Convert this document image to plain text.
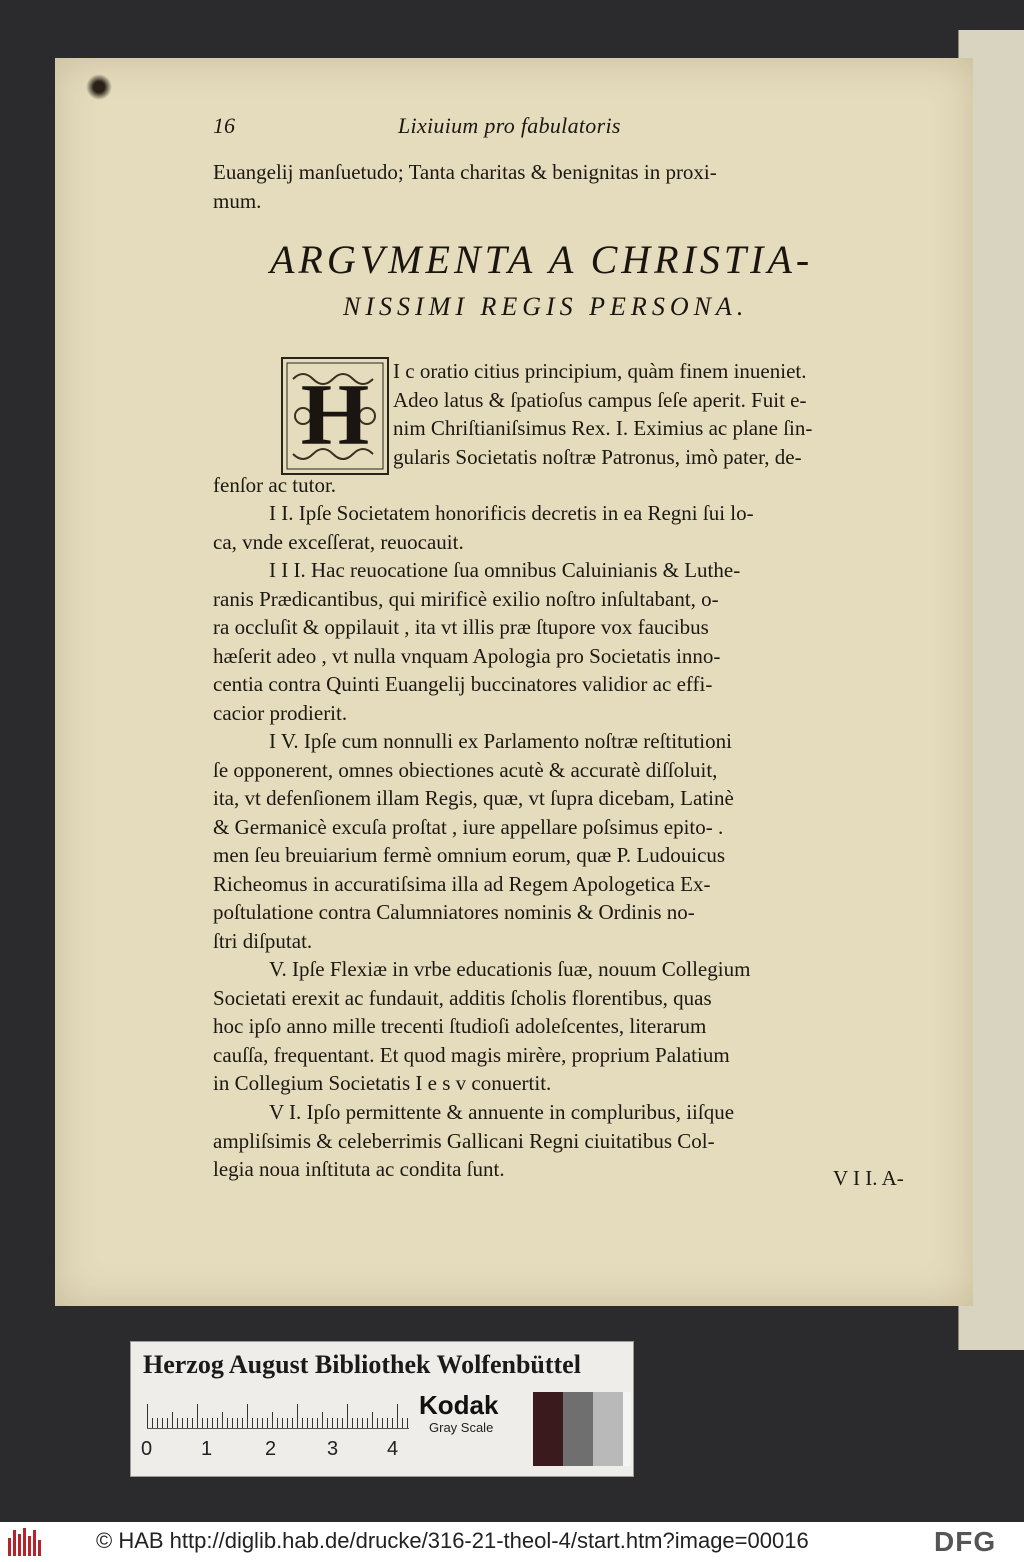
16	Lixiuium pro fabulatoris
Euangelij manſuetudo; Tanta charitas & benignitas in proxi-
mum.
ARGVMENTA A CHRISTIA-
NISSIMI REGIS PERSONA.
H	I c oratio citius principium, quàm finem inueniet.
Adeo latus & ſpatioſus campus ſeſe aperit. Fuit e-
nim Chriſtianiſsimus Rex. I. Eximius ac plane ſin-
gularis Societatis noſtræ Patronus, imò pater, de-
fenſor ac tutor.
I I. Ipſe Societatem honorificis decretis in ea Regni ſui lo-
ca, vnde exceſſerat, reuocauit.
I I I. Hac reuocatione ſua omnibus Caluinianis & Luthe-
ranis Prædicantibus, qui mirificè exilio noſtro inſultabant, o-
ra occluſit & oppilauit , ita vt illis præ ſtupore vox faucibus
hæſerit adeo , vt nulla vnquam Apologia pro Societatis inno-
centia contra Quinti Euangelij buccinatores validior ac effi-
cacior prodierit.
I V. Ipſe cum nonnulli ex Parlamento noſtræ reſtitutioni
ſe opponerent, omnes obiectiones acutè & accuratè diſſoluit,
ita, vt defenſionem illam Regis, quæ, vt ſupra dicebam, Latinè
& Germanicè excuſa proſtat , iure appellare poſsimus epito- .
men ſeu breuiarium fermè omnium eorum, quæ P. Ludouicus
Richeomus in accuratiſsima illa ad Regem Apologetica Ex-
poſtulatione contra Calumniatores nominis & Ordinis no-
ſtri diſputat.
V. Ipſe Flexiæ in vrbe educationis ſuæ, nouum Collegium
Societati erexit ac fundauit, additis ſcholis florentibus, quas
hoc ipſo anno mille trecenti ſtudioſi adoleſcentes, literarum
cauſſa, frequentant. Et quod magis mirère, proprium Palatium
in Collegium Societatis I e s v conuertit.
V I. Ipſo permittente & annuente in compluribus, iiſque
ampliſsimis & celeberrimis Gallicani Regni ciuitatibus Col-
legia noua inſtituta ac condita ſunt.	V I I. A-
Herzog August Bibliothek Wolfenbüttel
0 1	2	3 4
Kodak
Gray Scale
© HAB http://diglib.hab.de/drucke/316-21-theol-4/start.htm?image=00016	DFG
